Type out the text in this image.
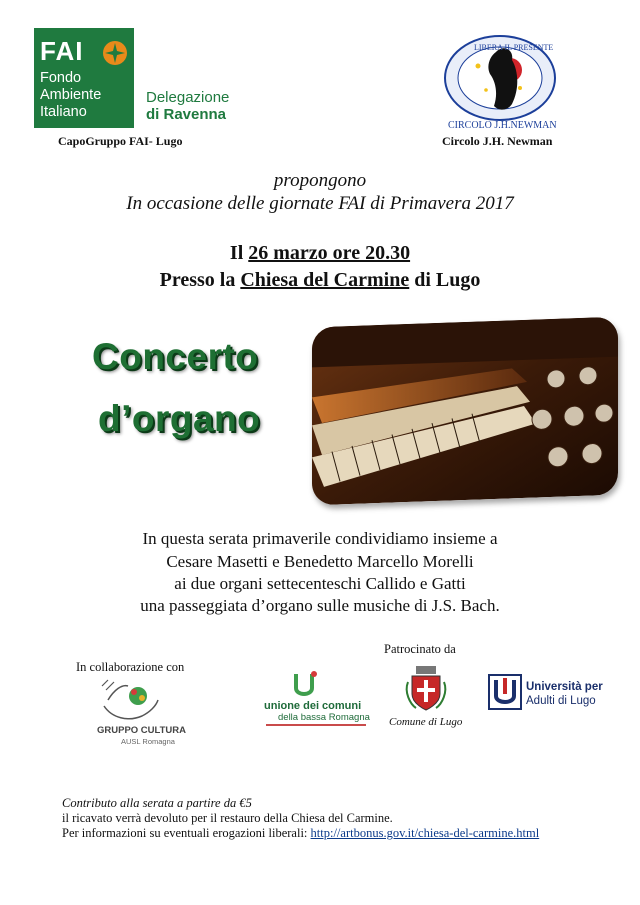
FAI
Fondo
Ambiente
Italiano
Delegazione
di Ravenna
CapoGruppo FAI- Lugo
LIBERA IL PRESENTE
CIRCOLO J.H.NEWMAN
Circolo J.H. Newman
propongono
In occasione delle giornate FAI di Primavera 2017
Il 26 marzo ore 20.30
Presso la Chiesa del Carmine di Lugo
Concerto
d’organo
In questa serata primaverile condividiamo insieme a
Cesare Masetti e Benedetto Marcello Morelli
ai due organi settecenteschi Callido e Gatti
una passeggiata d’organo sulle musiche di J.S. Bach.
In collaborazione con
Patrocinato da
GRUPPO CULTURA
AUSL Romagna
unione dei comuni
della bassa Romagna Comune di Lugo
Università per
Adulti di Lugo
Contributo alla serata a partire da €5
il ricavato verrà devoluto per il restauro della Chiesa del Carmine.
Per informazioni su eventuali erogazioni liberali: http://artbonus.gov.it/chiesa-del-carmine.html
